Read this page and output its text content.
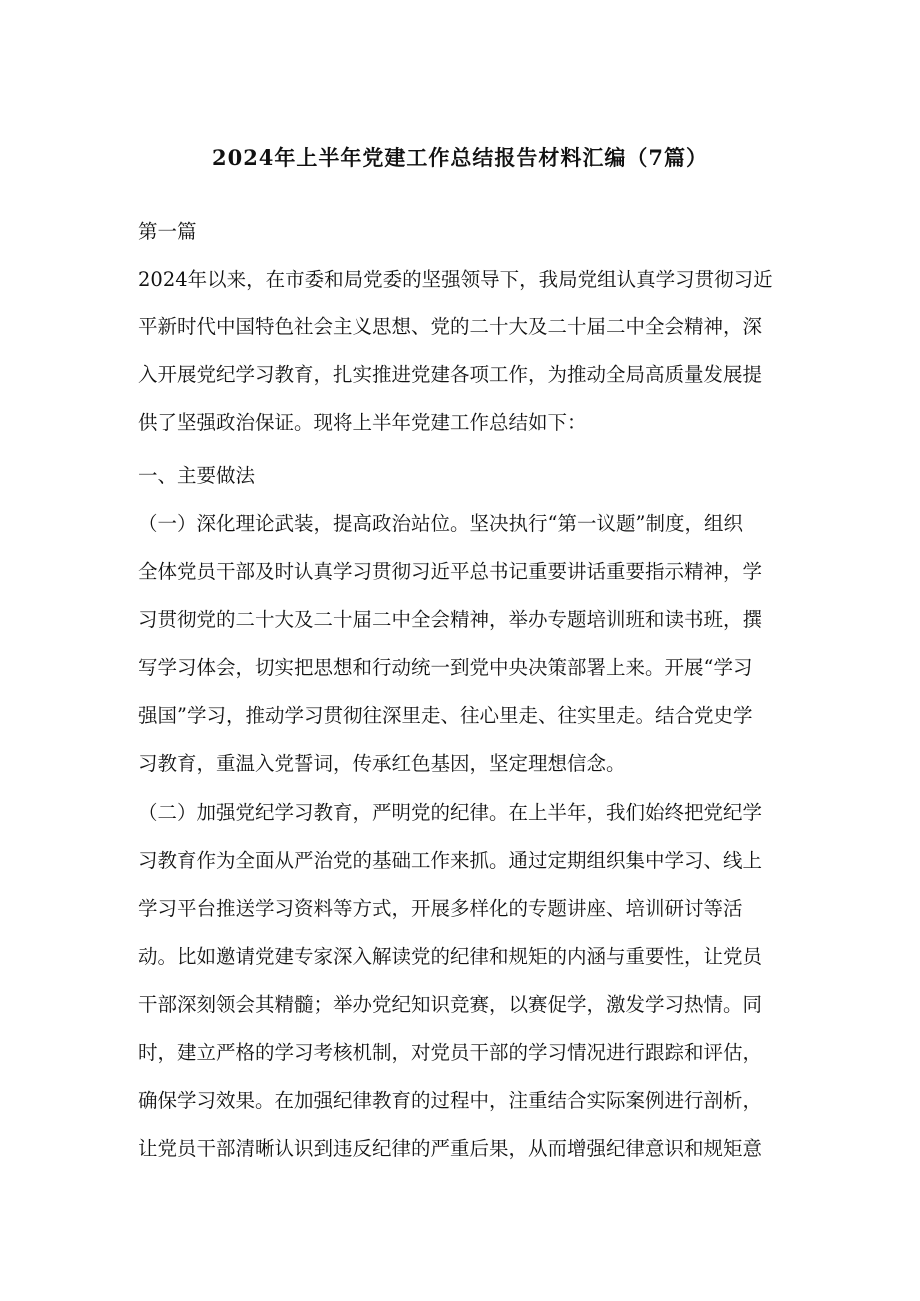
2024年上半年党建工作总结报告材料汇编（7篇）
第一篇
2024年以来，在市委和局党委的坚强领导下，我局党组认真学习贯彻习近
平新时代中国特色社会主义思想、党的二十大及二十届二中全会精神，深
入开展党纪学习教育，扎实推进党建各项工作，为推动全局高质量发展提
供了坚强政治保证。现将上半年党建工作总结如下：
一、主要做法
（一）深化理论武装，提高政治站位。坚决执行“第一议题”制度，组织
全体党员干部及时认真学习贯彻习近平总书记重要讲话重要指示精神，学
习贯彻党的二十大及二十届二中全会精神，举办专题培训班和读书班，撰
写学习体会，切实把思想和行动统一到党中央决策部署上来。开展“学习
强国”学习，推动学习贯彻往深里走、往心里走、往实里走。结合党史学
习教育，重温入党誓词，传承红色基因，坚定理想信念。
（二）加强党纪学习教育，严明党的纪律。在上半年，我们始终把党纪学
习教育作为全面从严治党的基础工作来抓。通过定期组织集中学习、线上
学习平台推送学习资料等方式，开展多样化的专题讲座、培训研讨等活
动。比如邀请党建专家深入解读党的纪律和规矩的内涵与重要性，让党员
干部深刻领会其精髓；举办党纪知识竞赛，以赛促学，激发学习热情。同
时，建立严格的学习考核机制，对党员干部的学习情况进行跟踪和评估，
确保学习效果。在加强纪律教育的过程中，注重结合实际案例进行剖析，
让党员干部清晰认识到违反纪律的严重后果，从而增强纪律意识和规矩意
